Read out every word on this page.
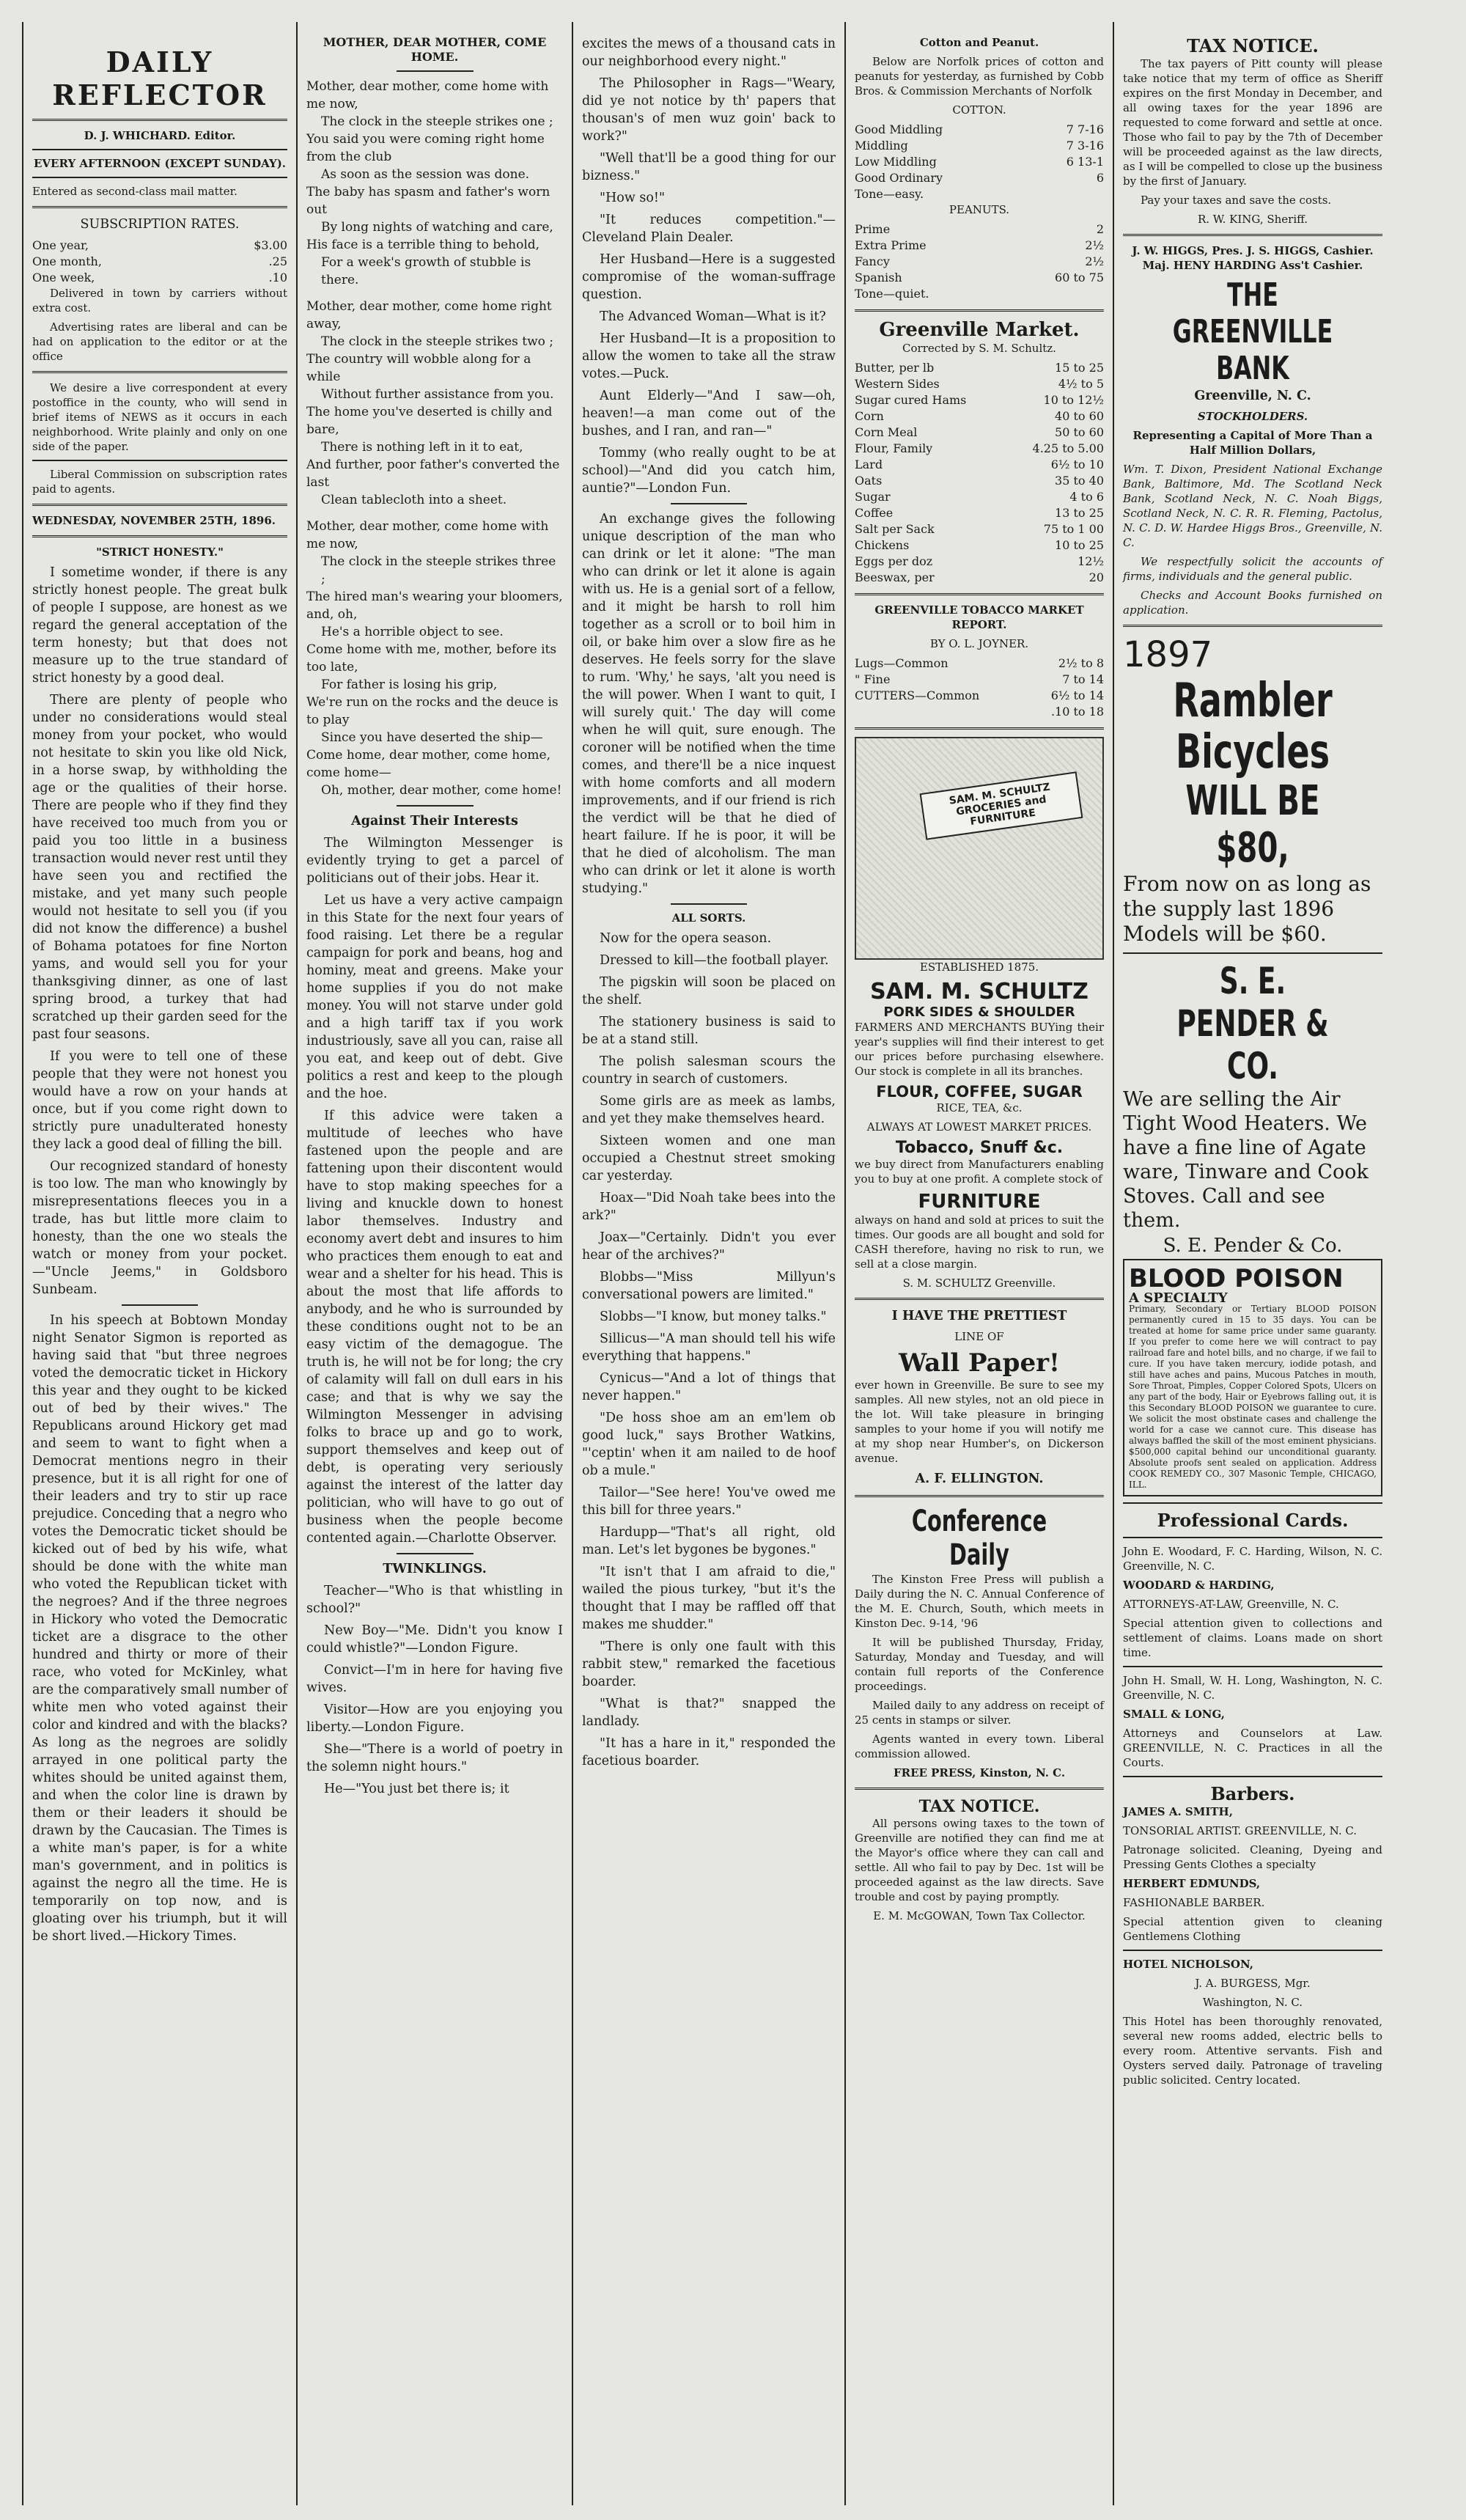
DAILY REFLECTOR

D. J. WHICHARD. Editor.

EVERY AFTERNOON (EXCEPT SUNDAY).

Entered as second-class mail matter.

SUBSCRIPTION RATES.

One year,	$3.00
One month,	.25
One week,	.10

Delivered in town by carriers without extra cost.

Advertising rates are liberal and can be had on application to the editor or at the office

We desire a live correspondent at every postoffice in the county, who will send in brief items of NEWS as it occurs in each neighborhood. Write plainly and only on one side of the paper.

Liberal Commission on subscription rates paid to agents.

WEDNESDAY, NOVEMBER 25TH, 1896.

"STRICT HONESTY."

I sometime wonder, if there is any strictly honest people. The great bulk of people I suppose, are honest as we regard the general acceptation of the term honesty; but that does not measure up to the true standard of strict honesty by a good deal.

There are plenty of people who under no considerations would steal money from your pocket, who would not hesitate to skin you like old Nick, in a horse swap, by withholding the age or the qualities of their horse. There are people who if they find they have received too much from you or paid you too little in a business transaction would never rest until they have seen you and rectified the mistake, and yet many such people would not hesitate to sell you (if you did not know the difference) a bushel of Bohama potatoes for fine Norton yams, and would sell you for your thanksgiving dinner, as one of last spring brood, a turkey that had scratched up their garden seed for the past four seasons.

If you were to tell one of these people that they were not honest you would have a row on your hands at once, but if you come right down to strictly pure unadulterated honesty they lack a good deal of filling the bill.

Our recognized standard of honesty is too low. The man who knowingly by misrepresentations fleeces you in a trade, has but little more claim to honesty, than the one wo steals the watch or money from your pocket.—"Uncle Jeems," in Goldsboro Sunbeam.

In his speech at Bobtown Monday night Senator Sigmon is reported as having said that "but three negroes voted the democratic ticket in Hickory this year and they ought to be kicked out of bed by their wives." The Republicans around Hickory get mad and seem to want to fight when a Democrat mentions negro in their presence, but it is all right for one of their leaders and try to stir up race prejudice. Conceding that a negro who votes the Democratic ticket should be kicked out of bed by his wife, what should be done with the white man who voted the Republican ticket with the negroes? And if the three negroes in Hickory who voted the Democratic ticket are a disgrace to the other hundred and thirty or more of their race, who voted for McKinley, what are the comparatively small number of white men who voted against their color and kindred and with the blacks? As long as the negroes are solidly arrayed in one political party the whites should be united against them, and when the color line is drawn by them or their leaders it should be drawn by the Caucasian. The Times is a white man's paper, is for a white man's government, and in politics is against the negro all the time. He is temporarily on top now, and is gloating over his triumph, but it will be short lived.—Hickory Times.

MOTHER, DEAR MOTHER, COME HOME.

Mother, dear mother, come home with me now,

The clock in the steeple strikes one ;

You said you were coming right home from the club

As soon as the session was done.

The baby has spasm and father's worn out

By long nights of watching and care,

His face is a terrible thing to behold,

For a week's growth of stubble is there.

Mother, dear mother, come home right away,

The clock in the steeple strikes two ;

The country will wobble along for a while

Without further assistance from you.

The home you've deserted is chilly and bare,

There is nothing left in it to eat,

And further, poor father's converted the last

Clean tablecloth into a sheet.

Mother, dear mother, come home with me now,

The clock in the steeple strikes three ;

The hired man's wearing your bloomers, and, oh,

He's a horrible object to see.

Come home with me, mother, before its too late,

For father is losing his grip,

We're run on the rocks and the deuce is to play

Since you have deserted the ship—

Come home, dear mother, come home, come home—

Oh, mother, dear mother, come home!

Against Their Interests

The Wilmington Messenger is evidently trying to get a parcel of politicians out of their jobs. Hear it.

Let us have a very active campaign in this State for the next four years of food raising. Let there be a regular campaign for pork and beans, hog and hominy, meat and greens. Make your home supplies if you do not make money. You will not starve under gold and a high tariff tax if you work industriously, save all you can, raise all you eat, and keep out of debt. Give politics a rest and keep to the plough and the hoe.

If this advice were taken a multitude of leeches who have fastened upon the people and are fattening upon their discontent would have to stop making speeches for a living and knuckle down to honest labor themselves. Industry and economy avert debt and insures to him who practices them enough to eat and wear and a shelter for his head. This is about the most that life affords to anybody, and he who is surrounded by these conditions ought not to be an easy victim of the demagogue. The truth is, he will not be for long; the cry of calamity will fall on dull ears in his case; and that is why we say the Wilmington Messenger in advising folks to brace up and go to work, support themselves and keep out of debt, is operating very seriously against the interest of the latter day politician, who will have to go out of business when the people become contented again.—Charlotte Observer.

TWINKLINGS.

Teacher—"Who is that whistling in school?"

New Boy—"Me. Didn't you know I could whistle?"—London Figure.

Convict—I'm in here for having five wives.

Visitor—How are you enjoying you liberty.—London Figure.

She—"There is a world of poetry in the solemn night hours."

He—"You just bet there is; it

excites the mews of a thousand cats in our neighborhood every night."

The Philosopher in Rags—"Weary, did ye not notice by th' papers that thousan's of men wuz goin' back to work?"

"Well that'll be a good thing for our bizness."

"How so!"

"It reduces competition."—Cleveland Plain Dealer.

Her Husband—Here is a suggested compromise of the woman-suffrage question.

The Advanced Woman—What is it?

Her Husband—It is a proposition to allow the women to take all the straw votes.—Puck.

Aunt Elderly—"And I saw—oh, heaven!—a man come out of the bushes, and I ran, and ran—"

Tommy (who really ought to be at school)—"And did you catch him, auntie?"—London Fun.

An exchange gives the following unique description of the man who can drink or let it alone: "The man who can drink or let it alone is again with us. He is a genial sort of a fellow, and it might be harsh to roll him together as a scroll or to boil him in oil, or bake him over a slow fire as he deserves. He feels sorry for the slave to rum. 'Why,' he says, 'alt you need is the will power. When I want to quit, I will surely quit.' The day will come when he will quit, sure enough. The coroner will be notified when the time comes, and there'll be a nice inquest with home comforts and all modern improvements, and if our friend is rich the verdict will be that he died of heart failure. If he is poor, it will be that he died of alcoholism. The man who can drink or let it alone is worth studying."

ALL SORTS.

Now for the opera season.

Dressed to kill—the football player.

The pigskin will soon be placed on the shelf.

The stationery business is said to be at a stand still.

The polish salesman scours the country in search of customers.

Some girls are as meek as lambs, and yet they make themselves heard.

Sixteen women and one man occupied a Chestnut street smoking car yesterday.

Hoax—"Did Noah take bees into the ark?"

Joax—"Certainly. Didn't you ever hear of the archives?"

Blobbs—"Miss Millyun's conversational powers are limited."

Slobbs—"I know, but money talks."

Sillicus—"A man should tell his wife everything that happens."

Cynicus—"And a lot of things that never happen."

"De hoss shoe am an em'lem ob good luck," says Brother Watkins, "'ceptin' when it am nailed to de hoof ob a mule."

Tailor—"See here! You've owed me this bill for three years."

Hardupp—"That's all right, old man. Let's let bygones be bygones."

"It isn't that I am afraid to die," wailed the pious turkey, "but it's the thought that I may be raffled off that makes me shudder."

"There is only one fault with this rabbit stew," remarked the facetious boarder.

"What is that?" snapped the landlady.

"It has a hare in it," responded the facetious boarder.

Cotton and Peanut.

Below are Norfolk prices of cotton and peanuts for yesterday, as furnished by Cobb Bros. & Commission Merchants of Norfolk

COTTON.

Good Middling	7 7-16
Middling	7 3-16
Low Middling	6 13-1
Good Ordinary	6
Tone—easy.

PEANUTS.

Prime	2
Extra Prime	2½
Fancy	2½
Spanish	60 to 75
Tone—quiet.
Greenville Market.

Corrected by S. M. Schultz.

Butter, per lb	15 to 25
Western Sides	4½ to 5
Sugar cured Hams	10 to 12½
Corn	40 to 60
Corn Meal	50 to 60
Flour, Family	4.25 to 5.00
Lard	6½ to 10
Oats	35 to 40
Sugar	4 to 6
Coffee	13 to 25
Salt per Sack	75 to 1 00
Chickens	10 to 25
Eggs per doz	12½
Beeswax, per	20

GREENVILLE TOBACCO MARKET REPORT.

BY O. L. JOYNER.

Lugs—Common	2½ to 8
" Fine	7 to 14
CUTTERS—Common	6½ to 14
.10 to 18
SAM. M. SCHULTZ GROCERIES and FURNITURE

ESTABLISHED 1875.

SAM. M. SCHULTZ
PORK SIDES & SHOULDER

FARMERS AND MERCHANTS BUYing their year's supplies will find their interest to get our prices before purchasing elsewhere. Our stock is complete in all its branches.

FLOUR, COFFEE, SUGAR

RICE, TEA, &c.

ALWAYS AT LOWEST MARKET PRICES.

Tobacco, Snuff &c.

we buy direct from Manufacturers enabling you to buy at one profit. A complete stock of

FURNITURE

always on hand and sold at prices to suit the times. Our goods are all bought and sold for CASH therefore, having no risk to run, we sell at a close margin.

S. M. SCHULTZ Greenville.

I HAVE THE PRETTIEST

LINE OF

Wall Paper!

ever hown in Greenville. Be sure to see my samples. All new styles, not an old piece in the lot. Will take pleasure in bringing samples to your home if you will notify me at my shop near Humber's, on Dickerson avenue.

A. F. ELLINGTON.

Conference Daily

The Kinston Free Press will publish a Daily during the N. C. Annual Conference of the M. E. Church, South, which meets in Kinston Dec. 9-14, '96

It will be published Thursday, Friday, Saturday, Monday and Tuesday, and will contain full reports of the Conference proceedings.

Mailed daily to any address on receipt of 25 cents in stamps or silver.

Agents wanted in every town. Liberal commission allowed.

FREE PRESS, Kinston, N. C.

TAX NOTICE.

All persons owing taxes to the town of Greenville are notified they can find me at the Mayor's office where they can call and settle. All who fail to pay by Dec. 1st will be proceeded against as the law directs. Save trouble and cost by paying promptly.

E. M. McGOWAN, Town Tax Collector.

TAX NOTICE.

The tax payers of Pitt county will please take notice that my term of office as Sheriff expires on the first Monday in December, and all owing taxes for the year 1896 are requested to come forward and settle at once. Those who fail to pay by the 7th of December will be proceeded against as the law directs, as I will be compelled to close up the business by the first of January.

Pay your taxes and save the costs.

R. W. KING, Sheriff.

J. W. HIGGS, Pres. J. S. HIGGS, Cashier. Maj. HENY HARDING Ass't Cashier.

THE GREENVILLE BANK

Greenville, N. C.

STOCKHOLDERS.

Representing a Capital of More Than a Half Million Dollars,

Wm. T. Dixon, President National Exchange Bank, Baltimore, Md. The Scotland Neck Bank, Scotland Neck, N. C. Noah Biggs, Scotland Neck, N. C. R. R. Fleming, Pactolus, N. C. D. W. Hardee Higgs Bros., Greenville, N. C.

We respectfully solicit the accounts of firms, individuals and the general public.

Checks and Account Books furnished on application.

1897
Rambler Bicycles
WILL BE $80,

From now on as long as the supply last 1896 Models will be $60.

S. E. PENDER & CO.

We are selling the Air Tight Wood Heaters. We have a fine line of Agate ware, Tinware and Cook Stoves. Call and see them.

S. E. Pender & Co.

BLOOD POISON
A SPECIALTY
Primary, Secondary or Tertiary BLOOD POISON permanently cured in 15 to 35 days. You can be treated at home for same price under same guaranty. If you prefer to come here we will contract to pay railroad fare and hotel bills, and no charge, if we fail to cure. If you have taken mercury, iodide potash, and still have aches and pains, Mucous Patches in mouth, Sore Throat, Pimples, Copper Colored Spots, Ulcers on any part of the body, Hair or Eyebrows falling out, it is this Secondary BLOOD POISON we guarantee to cure. We solicit the most obstinate cases and challenge the world for a case we cannot cure. This disease has always baffled the skill of the most eminent physicians. $500,000 capital behind our unconditional guaranty. Absolute proofs sent sealed on application. Address COOK REMEDY CO., 307 Masonic Temple, CHICAGO, ILL.
Professional Cards.

John E. Woodard, F. C. Harding, Wilson, N. C. Greenville, N. C.

WOODARD & HARDING,

ATTORNEYS-AT-LAW, Greenville, N. C.

Special attention given to collections and settlement of claims. Loans made on short time.

John H. Small, W. H. Long, Washington, N. C. Greenville, N. C.

SMALL & LONG,

Attorneys and Counselors at Law. GREENVILLE, N. C. Practices in all the Courts.

Barbers.

JAMES A. SMITH,

TONSORIAL ARTIST. GREENVILLE, N. C.

Patronage solicited. Cleaning, Dyeing and Pressing Gents Clothes a specialty

HERBERT EDMUNDS,

FASHIONABLE BARBER.

Special attention given to cleaning Gentlemens Clothing

HOTEL NICHOLSON,

J. A. BURGESS, Mgr.

Washington, N. C.

This Hotel has been thoroughly renovated, several new rooms added, electric bells to every room. Attentive servants. Fish and Oysters served daily. Patronage of traveling public solicited. Centry located.
